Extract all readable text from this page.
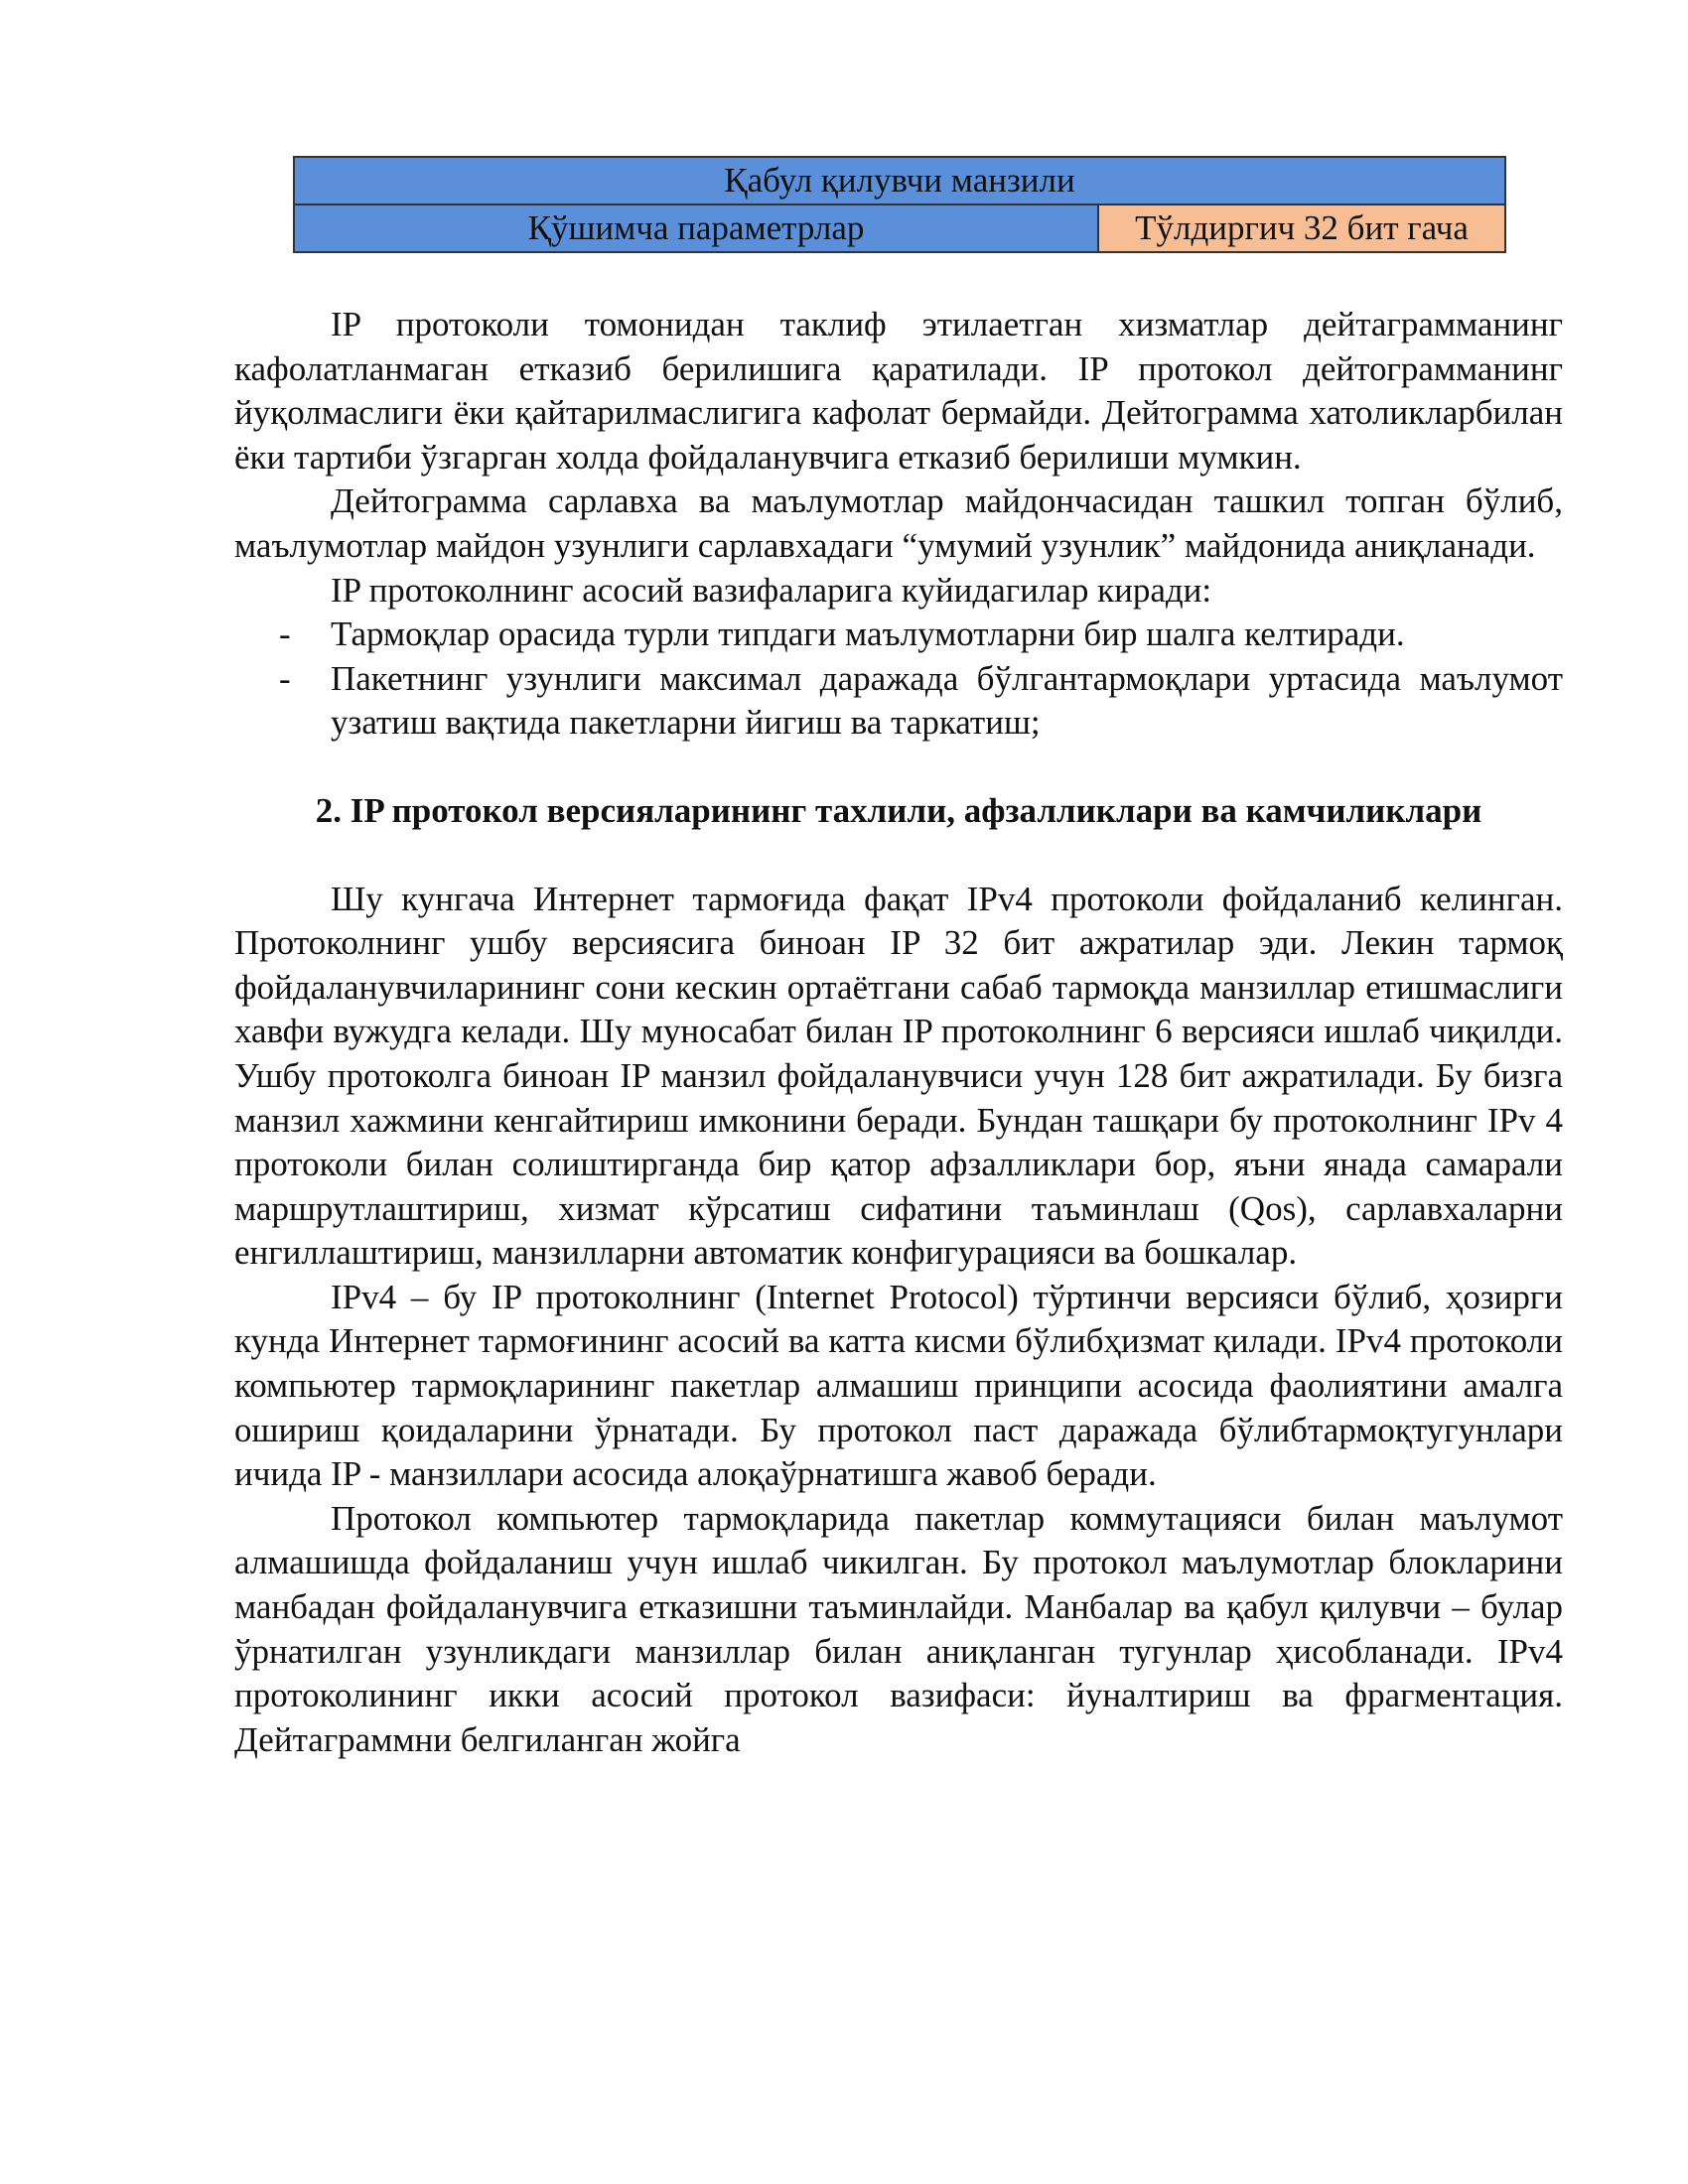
Қабул қилувчи манзили
Қўшимча параметрлар	Тўлдиргич 32 бит гача

IP протоколи томонидан таклиф этилаетган хизматлар дейтаграмманинг кафолатланмаган етказиб берилишига қаратилади. IP протокол дейтограмманинг йуқолмаслиги ёки қайтарилмаслигига кафолат бермайди. Дейтограмма хатоликларбилан ёки тартиби ўзгарган холда фойдаланувчига етказиб берилиши мумкин.

Дейтограмма сарлавха ва маълумотлар майдончасидан ташкил топган бўлиб, маълумотлар майдон узунлиги сарлавхадаги “умумий узунлик” майдонида аниқланади.

IP протоколнинг асосий вазифаларига куйидагилар киради:

- Тармоқлар орасида турли типдаги маълумотларни бир шалга келтиради.
- Пакетнинг узунлиги максимал даражада бўлгантармоқлари уртасида маълумот узатиш вақтида пакетларни йигиш ва таркатиш;
2. IP протокол версияларининг тахлили, афзалликлари ва камчиликлари

Шу кунгача Интернет тармоғида фақат IPv4 протоколи фойдаланиб келинган. Протоколнинг ушбу версиясига биноан IP 32 бит ажратилар эди. Лекин тармоқ фойдаланувчиларининг сони кескин ортаётгани сабаб тармоқда манзиллар етишмаслиги хавфи вужудга келади. Шу муносабат билан IP протоколнинг 6 версияси ишлаб чиқилди. Ушбу протоколга биноан IP манзил фойдаланувчиси учун 128 бит ажратилади. Бу бизга манзил хажмини кенгайтириш имконини беради. Бундан ташқари бу протоколнинг IPv 4 протоколи билан солиштирганда бир қатор афзалликлари бор, яъни янада самарали маршрутлаштириш, хизмат кўрсатиш сифатини таъминлаш (Qos), сарлавхаларни енгиллаштириш, манзилларни автоматик конфигурацияси ва бошкалар.

IPv4 – бу IP протоколнинг (Internet Protocol) тўртинчи версияси бўлиб, ҳозирги кунда Интернет тармоғининг асосий ва катта кисми бўлибҳизмат қилади. IPv4 протоколи компьютер тармоқларининг пакетлар алмашиш принципи асосида фаолиятини амалга ошириш қоидаларини ўрнатади. Бу протокол паст даражада бўлибтармоқтугунлари ичида IP - манзиллари асосида алоқаўрнатишга жавоб беради.

Протокол компьютер тармоқларида пакетлар коммутацияси билан маълумот алмашишда фойдаланиш учун ишлаб чикилган. Бу протокол маълумотлар блокларини манбадан фойдаланувчига етказишни таъминлайди. Манбалар ва қабул қилувчи – булар ўрнатилган узунликдаги манзиллар билан аниқланган тугунлар ҳисобланади. IPv4 протоколининг икки асосий протокол вазифаси: йуналтириш ва фрагментация. Дейтаграммни белгиланган жойга
